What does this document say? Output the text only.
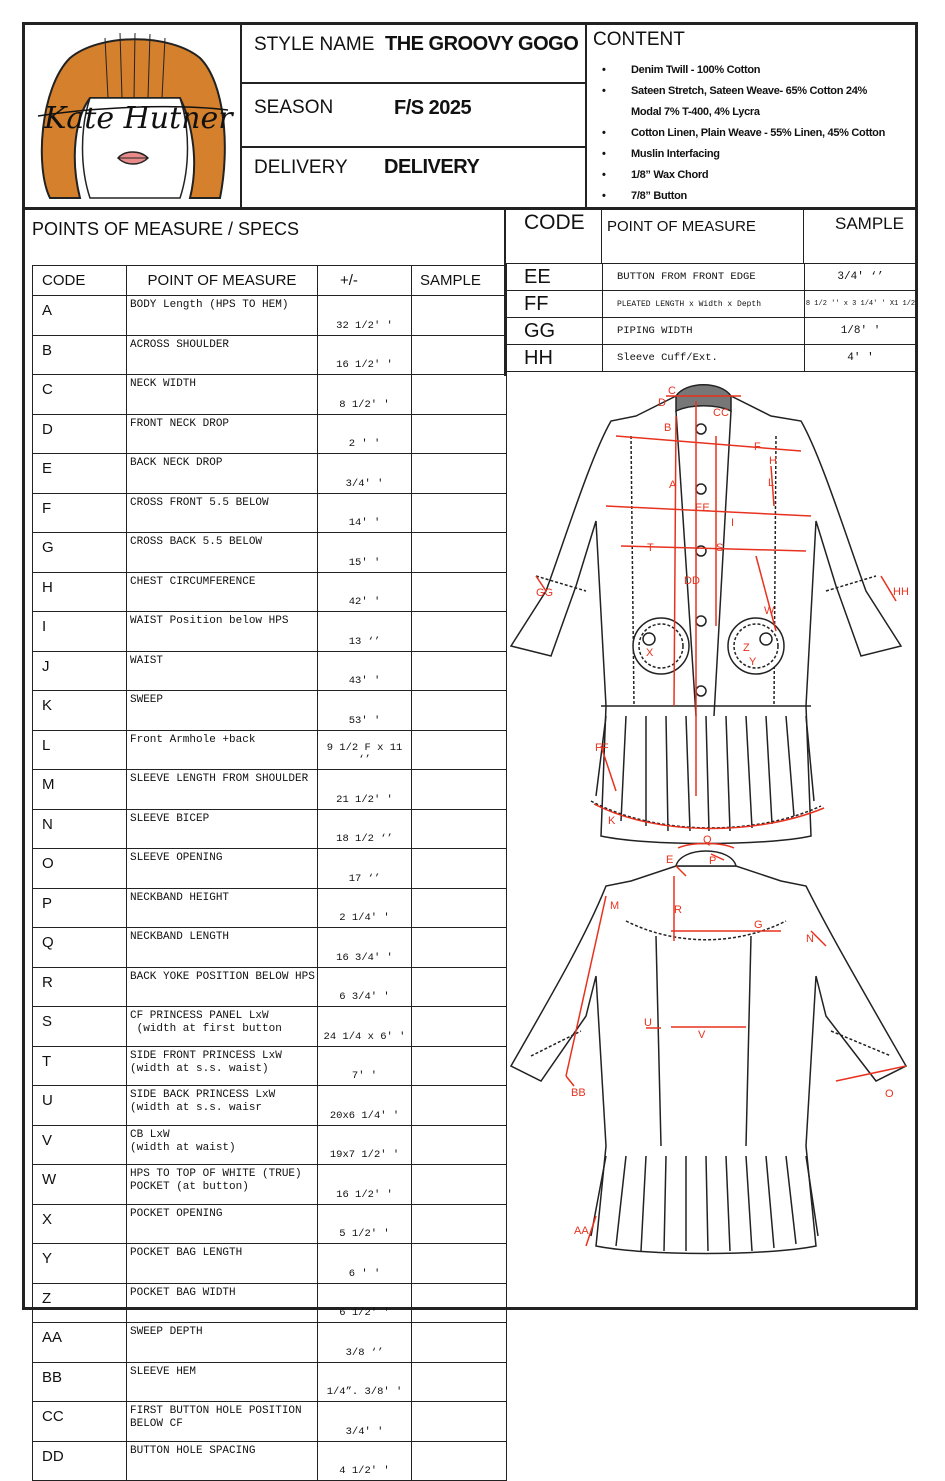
Kate Hutner
STYLE NAME THE GROOVY GOGO
SEASON	F/S 2025
DELIVERY DELIVERY
CONTENT
• Denim Twill - 100% Cotton
• Sateen Stretch, Sateen Weave- 65% Cotton 24%
Modal 7% T-400, 4% Lycra
• Cotton Linen, Plain Weave - 55% Linen, 45% Cotton
• Muslin Interfacing
• 1/8” Wax Chord
• 7/8” Button
POINTS OF MEASURE / SPECS
CODE	POINT OF MEASURE	+/-	SAMPLE
A	BODY Length (HPS TO HEM)	32 1/2' '	
B	ACROSS SHOULDER	16 1/2' '	
C	NECK WIDTH	8 1/2' '	
D	FRONT NECK DROP	2 ' '	
E	BACK NECK DROP	3/4' '	
F	CROSS FRONT 5.5 BELOW	14' '	
G	CROSS BACK 5.5 BELOW	15' '	
H	CHEST CIRCUMFERENCE	42' '	
I	WAIST Position below HPS	13 ‘’	
J	WAIST	43' '	
K	SWEEP	53' '	
L	Front Armhole +back	9 1/2 F x 11 ‘’	
M	SLEEVE LENGTH FROM SHOULDER	21 1/2' '	
N	SLEEVE BICEP	18 1/2 ‘’	
O	SLEEVE OPENING	17 ‘’	
P	NECKBAND HEIGHT	2 1/4' '	
Q	NECKBAND LENGTH	16 3/4' '	
R	BACK YOKE POSITION BELOW HPS	6 3/4' '	
S	CF PRINCESS PANEL LxW
(width at first button	24 1/4 x 6' '	
T	SIDE FRONT PRINCESS LxW
(width at s.s. waist)	7' '	
U	SIDE BACK PRINCESS LxW
(width at s.s. waisr	20x6 1/4' '	
V	CB LxW
(width at waist)	19x7 1/2' '	
W	HPS TO TOP OF WHITE (TRUE)
POCKET (at button)	16 1/2' '	
X	POCKET OPENING	5 1/2' '	
Y	POCKET BAG LENGTH	6 ' '	
Z	POCKET BAG WIDTH	6 1/2' '	
AA	SWEEP DEPTH	3/8 ‘’	
BB	SLEEVE HEM	1/4”. 3/8' '	
CC	FIRST BUTTON HOLE POSITION
BELOW CF	3/4' '	
DD	BUTTON HOLE SPACING	4 1/2' '	
CODE POINT OF MEASURE	SAMPLE
EE	BUTTON FROM FRONT EDGE	3/4' ‘’
FF	PLEATED LENGTH x Width x Depth	8 1/2 '' x 3 1/4' ' X1 1/2
GG	PIPING WIDTH	1/8' '
HH	Sleeve Cuff/Ext.	4' '
C
D
CC
B
F
H
L
A
EE
I
T	S
DD
GG	HH
W
X	Z
Y
FF
K
Q
E	P
M	R
G
N
U
V
BB	O
AA
